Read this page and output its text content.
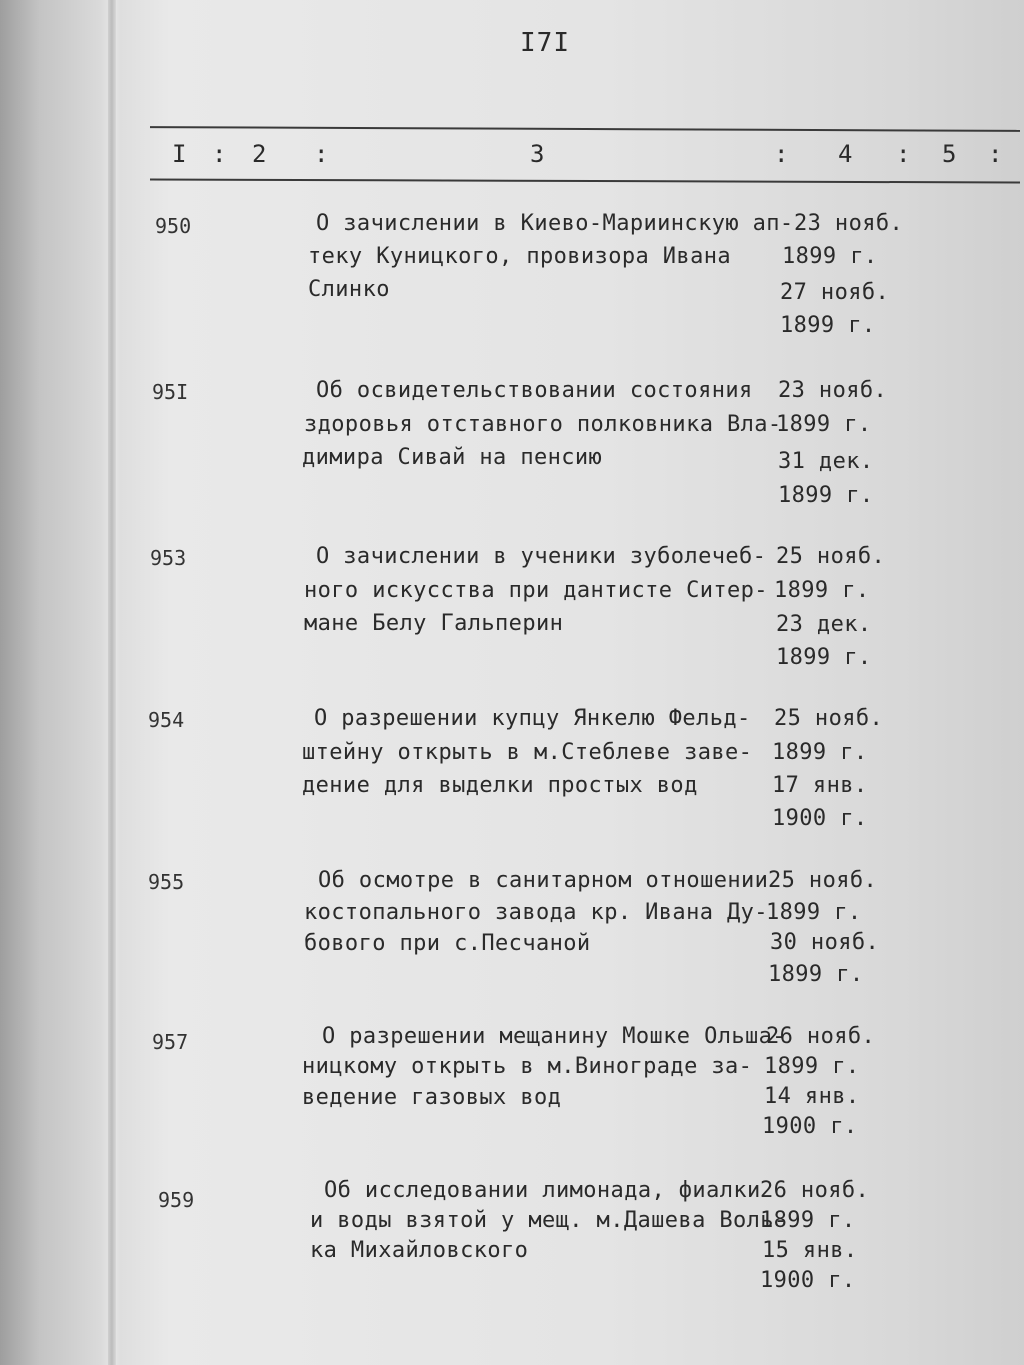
I7I
I : 2 :	3	: 4 : 5 :
950	О зачислении в Киево-Мариинскую ап-
теку Куницкого, провизора Ивана
Слинко
23 нояб.
1899 г.
27 нояб.
1899 г.
95I	Об освидетельствовании состояния
здоровья отставного полковника Вла-
димира Сивай на пенсию
23 нояб.
1899 г.
31 дек.
1899 г.
953	О зачислении в ученики зуболечеб-
ного искусства при дантисте Ситер-
мане Белу Гальперин
25 нояб.
1899 г.
23 дек.
1899 г.
954	О разрешении купцу Янкелю Фельд-
штейну открыть в м.Стеблеве заве-
дение для выделки простых вод
25 нояб.
1899 г.
17 янв.
1900 г.
955	Об осмотре в санитарном отношении
костопального завода кр. Ивана Ду-
бового при с.Песчаной
25 нояб.
1899 г.
30 нояб.
1899 г.
957	О разрешении мещанину Мошке Ольша-
ницкому открыть в м.Винограде за-
ведение газовых вод
26 нояб.
1899 г.
14 янв.
1900 г.
959	Об исследовании лимонада, фиалки
и воды взятой у мещ. м.Дашева Воль-
ка Михайловского
26 нояб.
1899 г.
15 янв.
1900 г.
